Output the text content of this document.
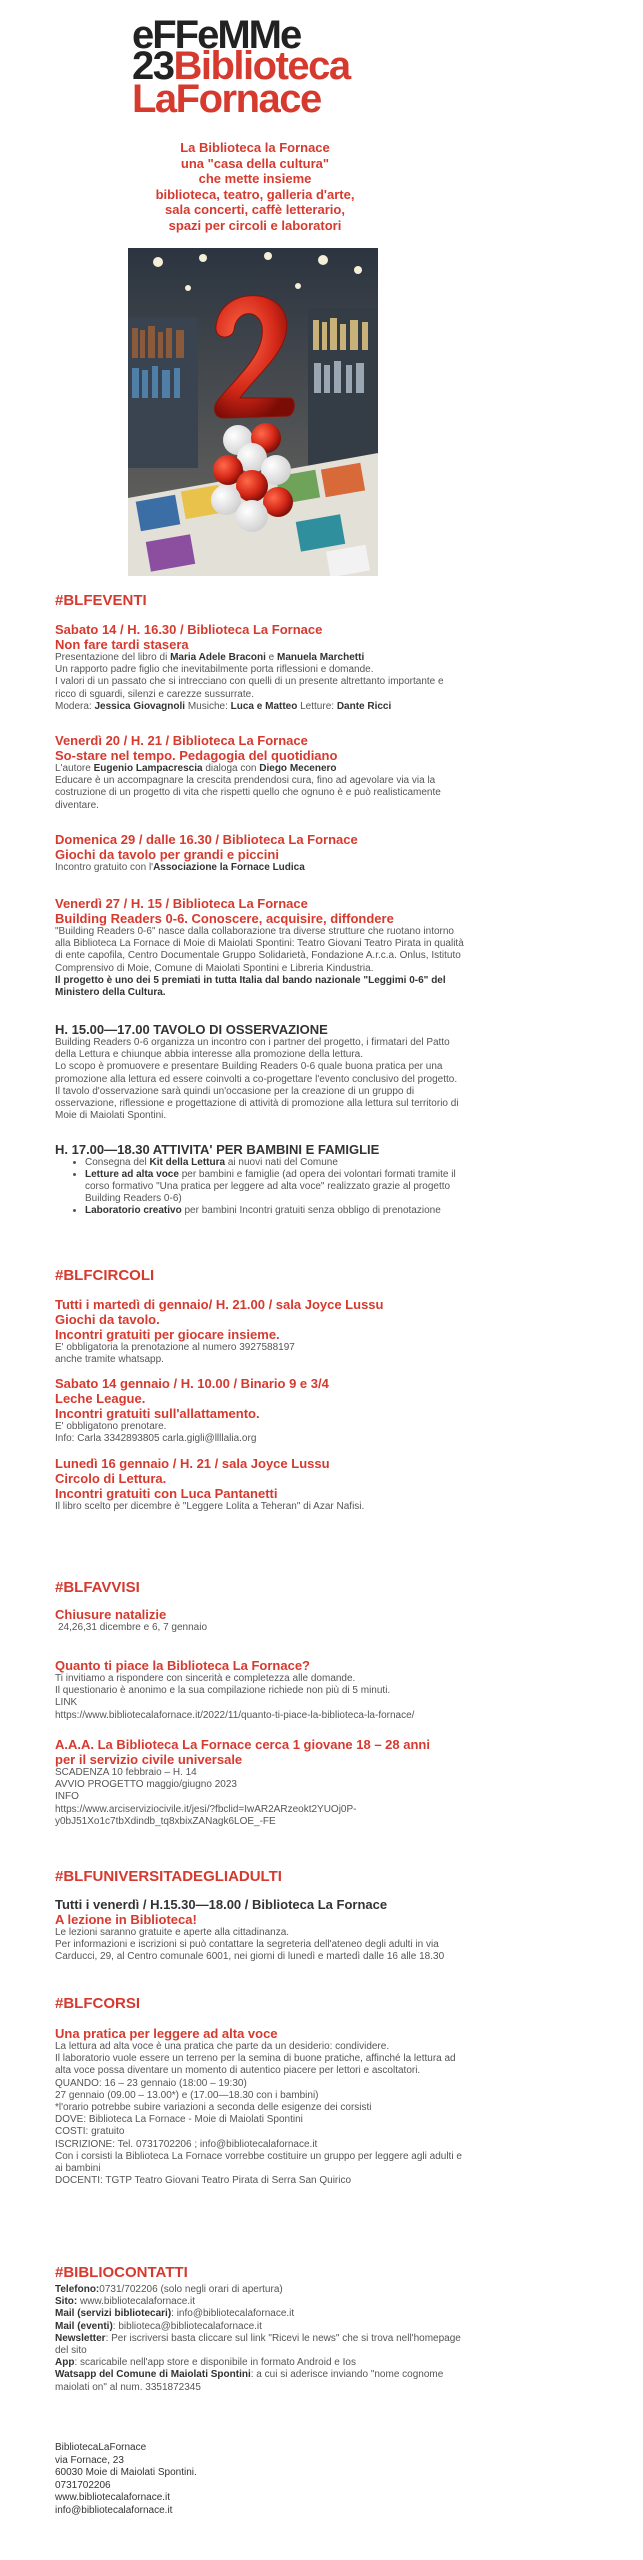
eFFeMMe
23Biblioteca
LaFornace
La Biblioteca la Fornace
una "casa della cultura"
che mette insieme
biblioteca, teatro, galleria d'arte,
sala concerti, caffè letterario,
spazi per circoli e laboratori
#BLFEVENTI
Sabato 14 / H. 16.30 / Biblioteca La Fornace
Non fare tardi stasera
Presentazione del libro di Maria Adele Braconi e Manuela Marchetti
Un rapporto padre figlio che inevitabilmente porta riflessioni e domande.
I valori di un passato che si intrecciano con quelli di un presente altrettanto importante e ricco di sguardi, silenzi e carezze sussurrate.
Modera: Jessica Giovagnoli Musiche: Luca e Matteo Letture: Dante Ricci
Venerdì 20 / H. 21 / Biblioteca La Fornace
So-stare nel tempo. Pedagogia del quotidiano
L'autore Eugenio Lampacrescia dialoga con Diego Mecenero
Educare è un accompagnare la crescita prendendosi cura, fino ad agevolare via via la costruzione di un progetto di vita che rispetti quello che ognuno è e può realisticamente diventare.
Domenica 29 / dalle 16.30 / Biblioteca La Fornace
Giochi da tavolo per grandi e piccini
Incontro gratuito con l'Associazione la Fornace Ludica
Venerdì 27 / H. 15 / Biblioteca La Fornace
Building Readers 0-6. Conoscere, acquisire, diffondere
"Building Readers 0-6" nasce dalla collaborazione tra diverse strutture che ruotano intorno alla Biblioteca La Fornace di Moie di Maiolati Spontini: Teatro Giovani Teatro Pirata in qualità di ente capofila, Centro Documentale Gruppo Solidarietà, Fondazione A.r.c.a. Onlus, Istituto Comprensivo di Moie, Comune di Maiolati Spontini e Libreria Kindustria.
Il progetto è uno dei 5 premiati in tutta Italia dal bando nazionale "Leggimi 0-6" del Ministero della Cultura.
H. 15.00—17.00 TAVOLO DI OSSERVAZIONE
Building Readers 0-6 organizza un incontro con i partner del progetto, i firmatari del Patto della Lettura e chiunque abbia interesse alla promozione della lettura.
Lo scopo è promuovere e presentare Building Readers 0-6 quale buona pratica per una promozione alla lettura ed essere coinvolti a co-progettare l'evento conclusivo del progetto.
Il tavolo d'osservazione sarà quindi un'occasione per la creazione di un gruppo di osservazione, riflessione e progettazione di attività di promozione alla lettura sul territorio di Moie di Maiolati Spontini.
H. 17.00—18.30 ATTIVITA' PER BAMBINI E FAMIGLIE
• Consegna del Kit della Lettura ai nuovi nati del Comune
• Letture ad alta voce per bambini e famiglie (ad opera dei volontari formati tramite il corso formativo "Una pratica per leggere ad alta voce" realizzato grazie al progetto Building Readers 0-6)
• Laboratorio creativo per bambini Incontri gratuiti senza obbligo di prenotazione
#BLFCIRCOLI
Tutti i martedì di gennaio/ H. 21.00 / sala Joyce Lussu
Giochi da tavolo.
Incontri gratuiti per giocare insieme.
E' obbligatoria la prenotazione al numero 3927588197
anche tramite whatsapp.
Sabato 14 gennaio / H. 10.00 / Binario 9 e 3/4
Leche League.
Incontri gratuiti sull'allattamento.
E' obbligatono prenotare.
Info: Carla 3342893805 carla.gigli@llllalia.org
Lunedì 16 gennaio / H. 21 / sala Joyce Lussu
Circolo di Lettura.
Incontri gratuiti con Luca Pantanetti
Il libro scelto per dicembre è "Leggere Lolita a Teheran" di Azar Nafisi.
#BLFAVVISI
Chiusure natalizie
24,26,31 dicembre e 6, 7 gennaio
Quanto ti piace la Biblioteca La Fornace?
Ti invitiamo a rispondere con sincerità e completezza alle domande.
Il questionario è anonimo e la sua compilazione richiede non più di 5 minuti.
LINK
https://www.bibliotecalafornace.it/2022/11/quanto-ti-piace-la-biblioteca-la-fornace/
A.A.A. La Biblioteca La Fornace cerca 1 giovane 18 – 28 anni
per il servizio civile universale
SCADENZA 10 febbraio – H. 14
AVVIO PROGETTO maggio/giugno 2023
INFO
https://www.arciserviziocivile.it/jesi/?fbclid=IwAR2ARzeokt2YUOj0P-
y0bJ51Xo1c7tbXdindb_tq8xbixZANagk6LOE_-FE
#BLFUNIVERSITADEGLIADULTI
Tutti i venerdì / H.15.30—18.00 / Biblioteca La Fornace
A lezione in Biblioteca!
Le lezioni saranno gratuite e aperte alla cittadinanza.
Per informazioni e iscrizioni si può contattare la segreteria dell'ateneo degli adulti in via Carducci, 29, al Centro comunale 6001, nei giorni di lunedì e martedì dalle 16 alle 18.30
#BLFCORSI
Una pratica per leggere ad alta voce
La lettura ad alta voce è una pratica che parte da un desiderio: condividere.
Il laboratorio vuole essere un terreno per la semina di buone pratiche, affinché la lettura ad alta voce possa diventare un momento di autentico piacere per lettori e ascoltatori.
QUANDO: 16 – 23 gennaio (18:00 – 19:30)
27 gennaio (09.00 – 13.00*) e (17.00—18.30 con i bambini)
*l'orario potrebbe subire variazioni a seconda delle esigenze dei corsisti
DOVE: Biblioteca La Fornace - Moie di Maiolati Spontini
COSTI: gratuito
ISCRIZIONE: Tel. 0731702206 ; info@bibliotecalafornace.it
Con i corsisti la Biblioteca La Fornace vorrebbe costituire un gruppo per leggere agli adulti e ai bambini
DOCENTI: TGTP Teatro Giovani Teatro Pirata di Serra San Quirico
#BIBLIOCONTATTI
Telefono:0731/702206 (solo negli orari di apertura)
Sito: www.bibliotecalafornace.it
Mail (servizi bibliotecari): info@bibliotecalafornace.it
Mail (eventi): biblioteca@bibliotecalafornace.it
Newsletter: Per iscriversi basta cliccare sul link "Ricevi le news" che si trova nell'homepage del sito
App: scaricabile nell'app store e disponibile in formato Android e Ios
Watsapp del Comune di Maiolati Spontini: a cui si aderisce inviando "nome cognome maiolati on" al num. 3351872345
BibliotecaLaFornace
via Fornace, 23
60030 Moie di Maiolati Spontini.
0731702206
www.bibliotecalafornace.it
info@bibliotecalafornace.it
